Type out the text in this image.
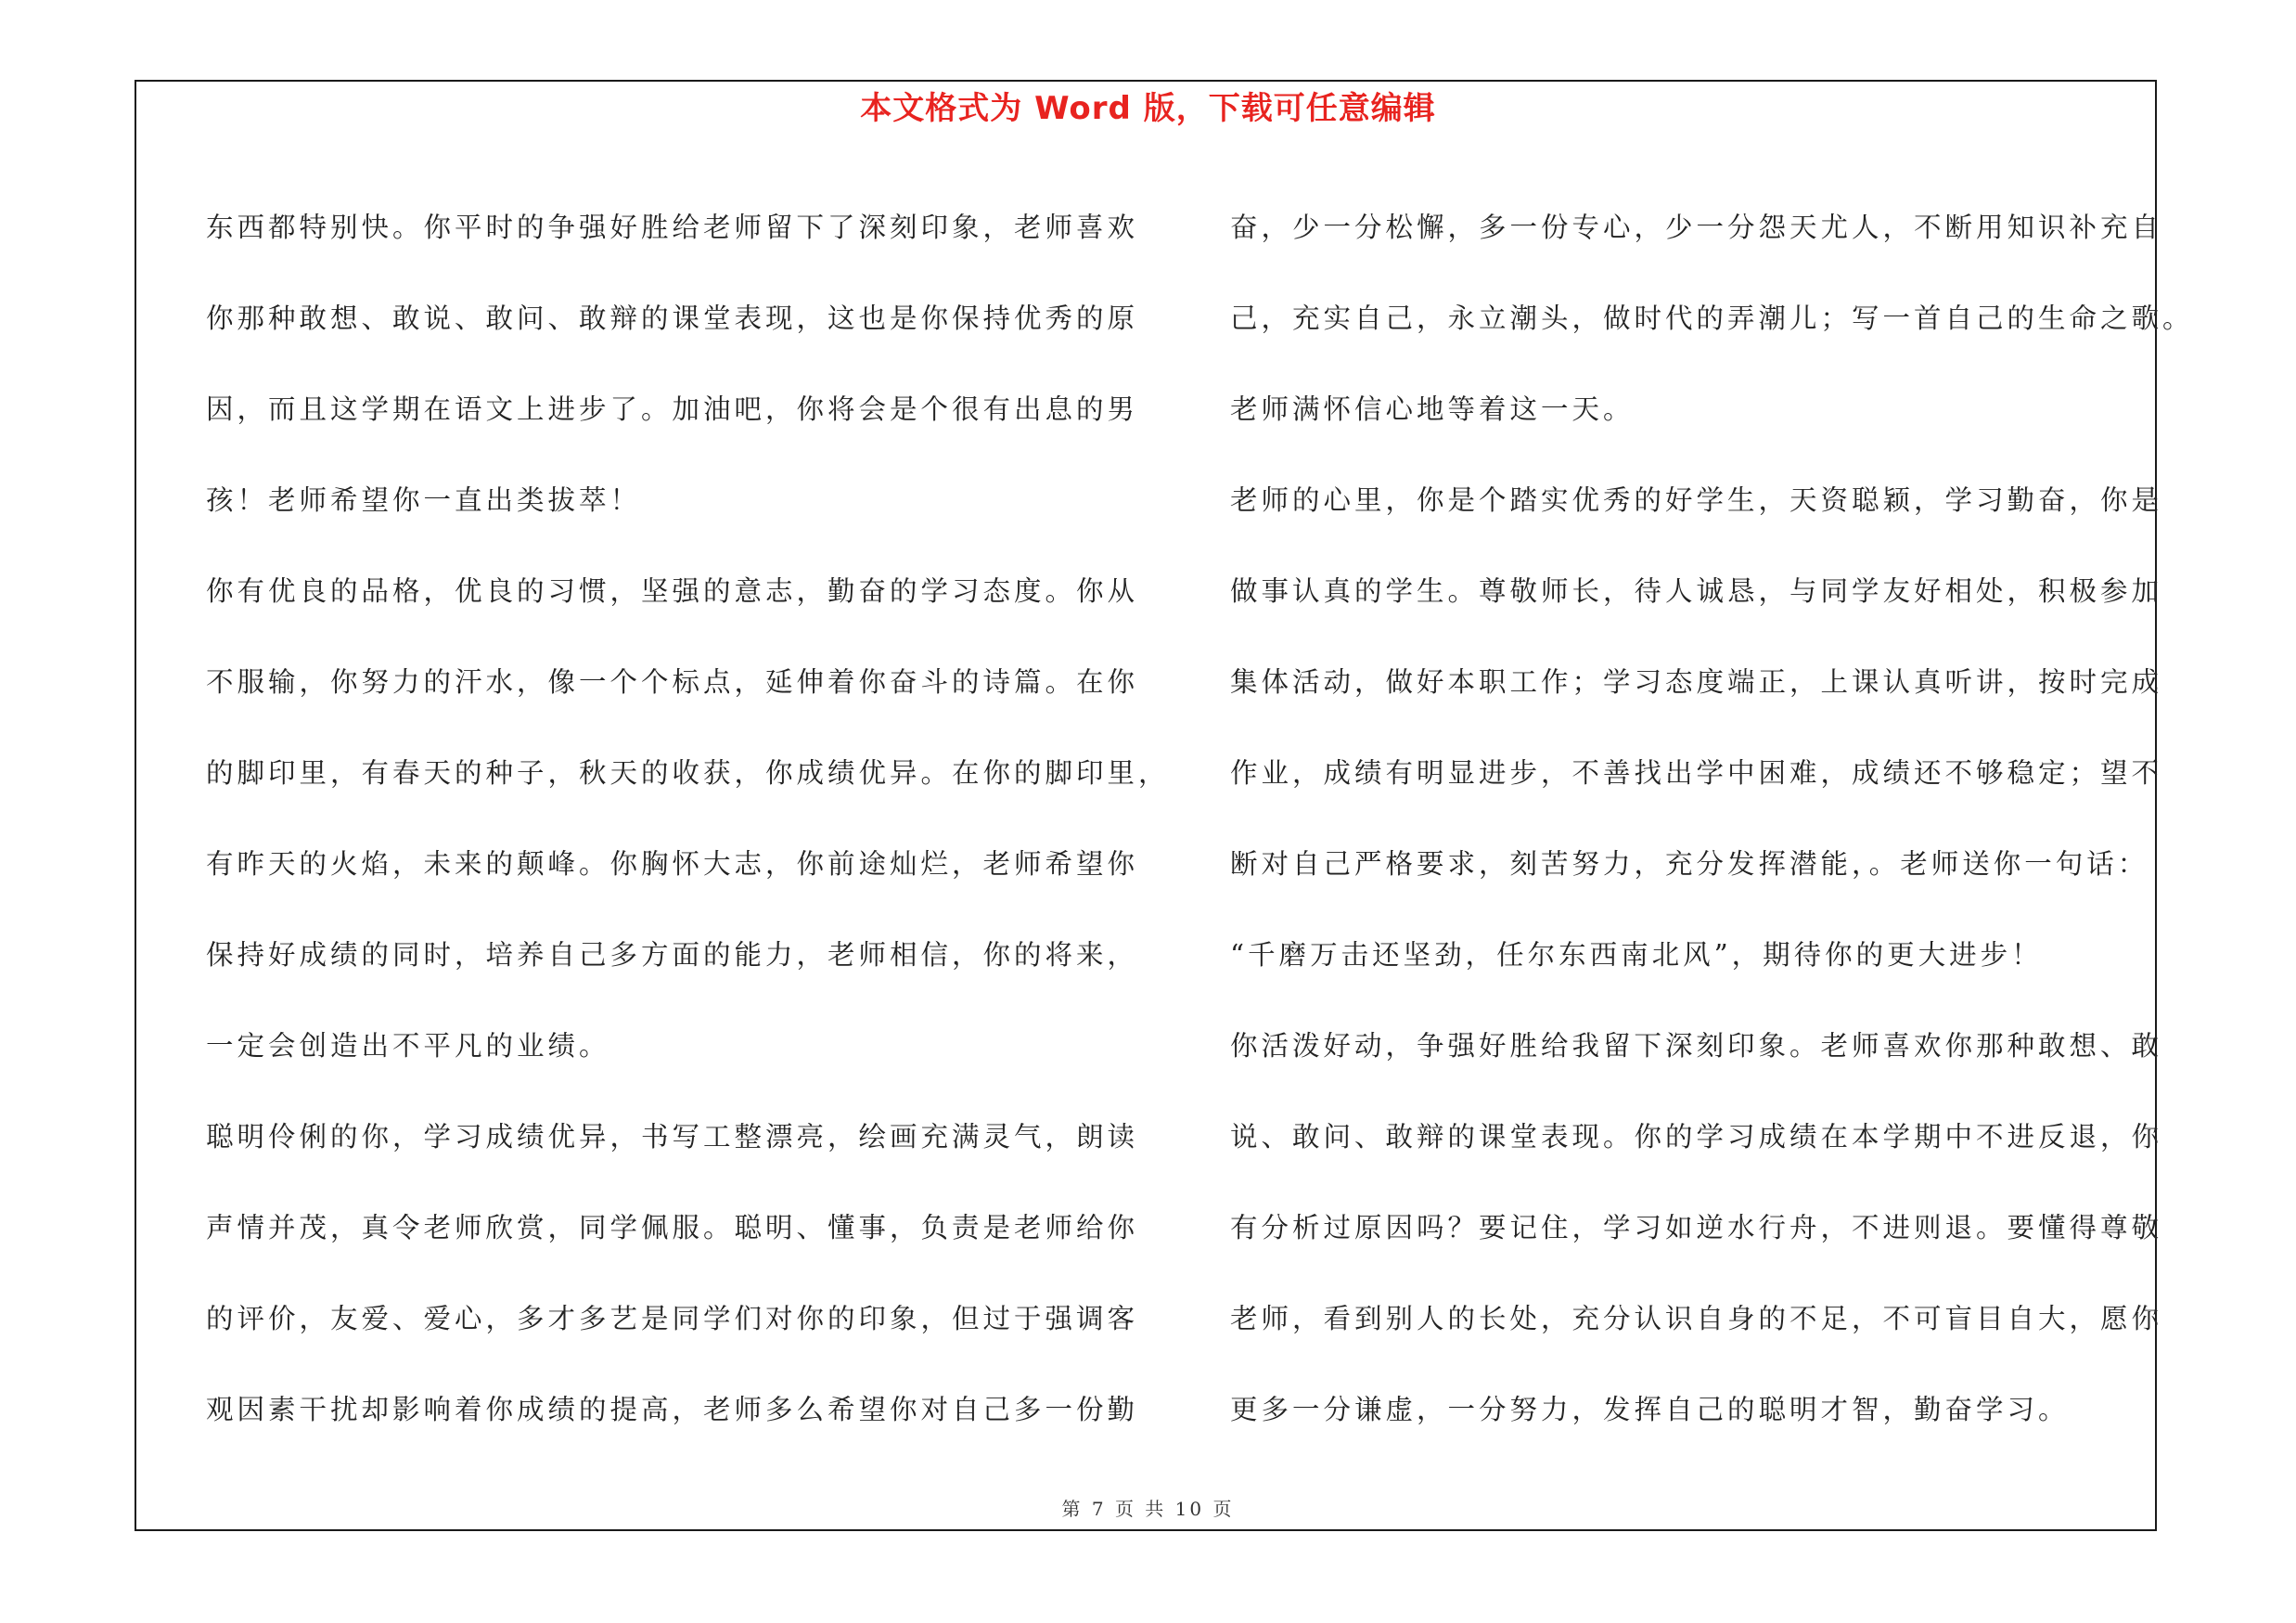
本文格式为 Word 版，下载可任意编辑
东西都特别快。你平时的争强好胜给老师留下了深刻印象，老师喜欢
你那种敢想、敢说、敢问、敢辩的课堂表现，这也是你保持优秀的原
因，而且这学期在语文上进步了。加油吧，你将会是个很有出息的男
孩！老师希望你一直出类拔萃！
你有优良的品格，优良的习惯，坚强的意志，勤奋的学习态度。你从
不服输，你努力的汗水，像一个个标点，延伸着你奋斗的诗篇。在你
的脚印里，有春天的种子，秋天的收获，你成绩优异。在你的脚印里，
有昨天的火焰，未来的颠峰。你胸怀大志，你前途灿烂，老师希望你
保持好成绩的同时，培养自己多方面的能力，老师相信，你的将来，
一定会创造出不平凡的业绩。
聪明伶俐的你，学习成绩优异，书写工整漂亮，绘画充满灵气，朗读
声情并茂，真令老师欣赏，同学佩服。聪明、懂事，负责是老师给你
的评价，友爱、爱心，多才多艺是同学们对你的印象，但过于强调客
观因素干扰却影响着你成绩的提高，老师多么希望你对自己多一份勤
奋，少一分松懈，多一份专心，少一分怨天尤人，不断用知识补充自
己，充实自己，永立潮头，做时代的弄潮儿；写一首自己的生命之歌。
老师满怀信心地等着这一天。
老师的心里，你是个踏实优秀的好学生，天资聪颖，学习勤奋，你是
做事认真的学生。尊敬师长，待人诚恳，与同学友好相处，积极参加
集体活动，做好本职工作；学习态度端正，上课认真听讲，按时完成
作业，成绩有明显进步，不善找出学中困难，成绩还不够稳定；望不
断对自己严格要求，刻苦努力，充分发挥潜能，。老师送你一句话：
“千磨万击还坚劲，任尔东西南北风”，期待你的更大进步！
你活泼好动，争强好胜给我留下深刻印象。老师喜欢你那种敢想、敢
说、敢问、敢辩的课堂表现。你的学习成绩在本学期中不进反退，你
有分析过原因吗？要记住，学习如逆水行舟，不进则退。要懂得尊敬
老师，看到别人的长处，充分认识自身的不足，不可盲目自大，愿你
更多一分谦虚，一分努力，发挥自己的聪明才智，勤奋学习。
第 7 页 共 10 页
